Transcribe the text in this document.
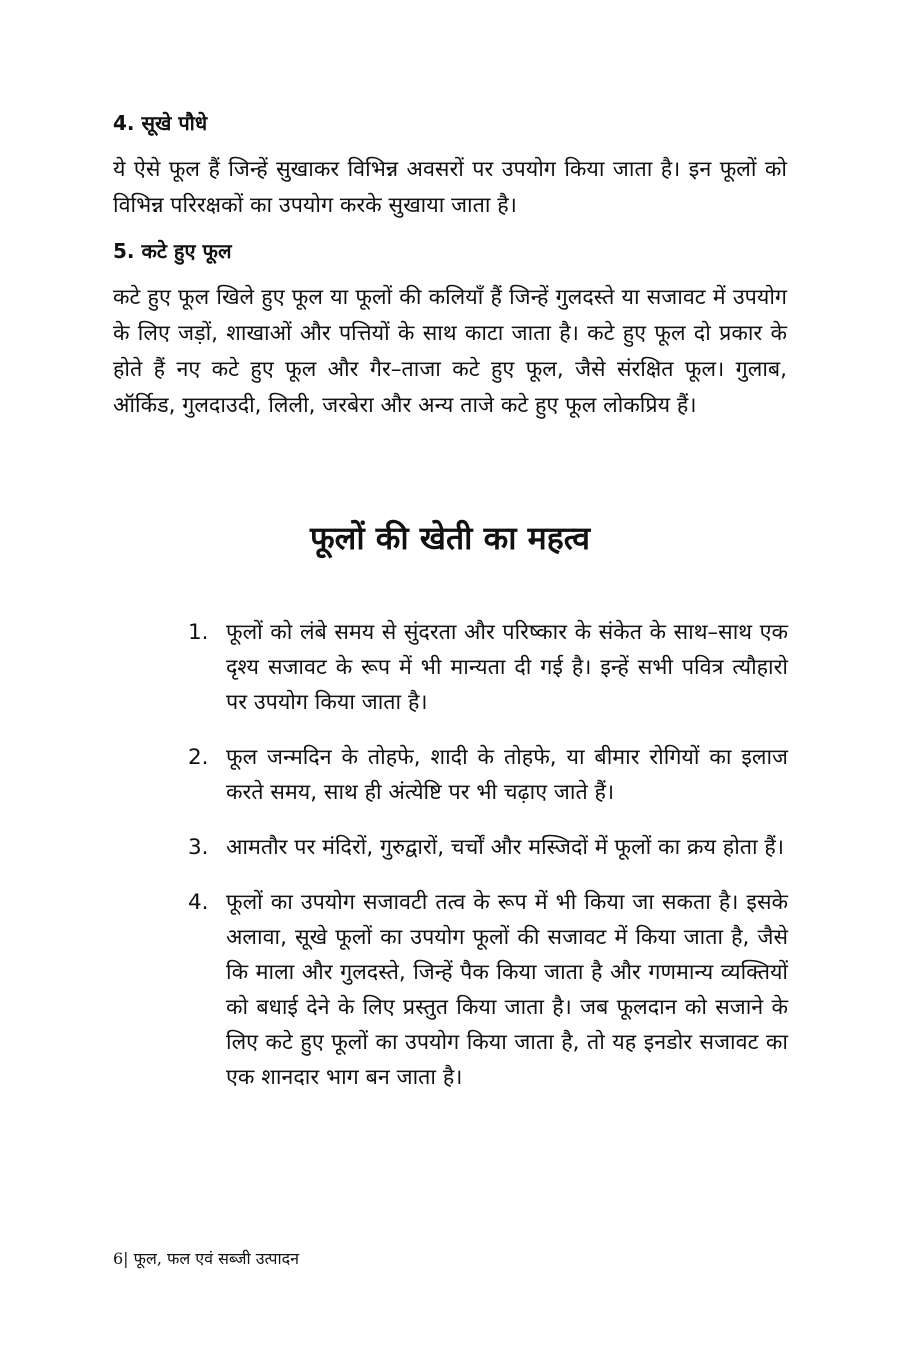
4. सूखे पौधे

ये ऐसे फूल हैं जिन्हें सुखाकर विभिन्न अवसरों पर उपयोग किया जाता है। इन फूलों को विभिन्न परिरक्षकों का उपयोग करके सुखाया जाता है।

5. कटे हुए फूल

कटे हुए फूल खिले हुए फूल या फूलों की कलियाँ हैं जिन्हें गुलदस्ते या सजावट में उपयोग के लिए जड़ों, शाखाओं और पत्तियों के साथ काटा जाता है। कटे हुए फूल दो प्रकार के होते हैं नए कटे हुए फूल और गैर–ताजा कटे हुए फूल, जैसे संरक्षित फूल। गुलाब, ऑर्किड, गुलदाउदी, लिली, जरबेरा और अन्य ताजे कटे हुए फूल लोकप्रिय हैं।

फूलों की खेती का महत्व
1. फूलों को लंबे समय से सुंदरता और परिष्कार के संकेत के साथ–साथ एक दृश्य सजावट के रूप में भी मान्यता दी गई है। इन्हें सभी पवित्र त्यौहारो पर उपयोग किया जाता है।
2. फूल जन्मदिन के तोहफे, शादी के तोहफे, या बीमार रोगियों का इलाज करते समय, साथ ही अंत्येष्टि पर भी चढ़ाए जाते हैं।
3. आमतौर पर मंदिरों, गुरुद्वारों, चर्चों और मस्जिदों में फूलों का क्रय होता हैं।
4. फूलों का उपयोग सजावटी तत्व के रूप में भी किया जा सकता है। इसके अलावा, सूखे फूलों का उपयोग फूलों की सजावट में किया जाता है, जैसे कि माला और गुलदस्ते, जिन्हें पैक किया जाता है और गणमान्य व्यक्तियों को बधाई देने के लिए प्रस्तुत किया जाता है। जब फूलदान को सजाने के लिए कटे हुए फूलों का उपयोग किया जाता है, तो यह इनडोर सजावट का एक शानदार भाग बन जाता है।
6| फूल, फल एवं सब्जी उत्पादन
